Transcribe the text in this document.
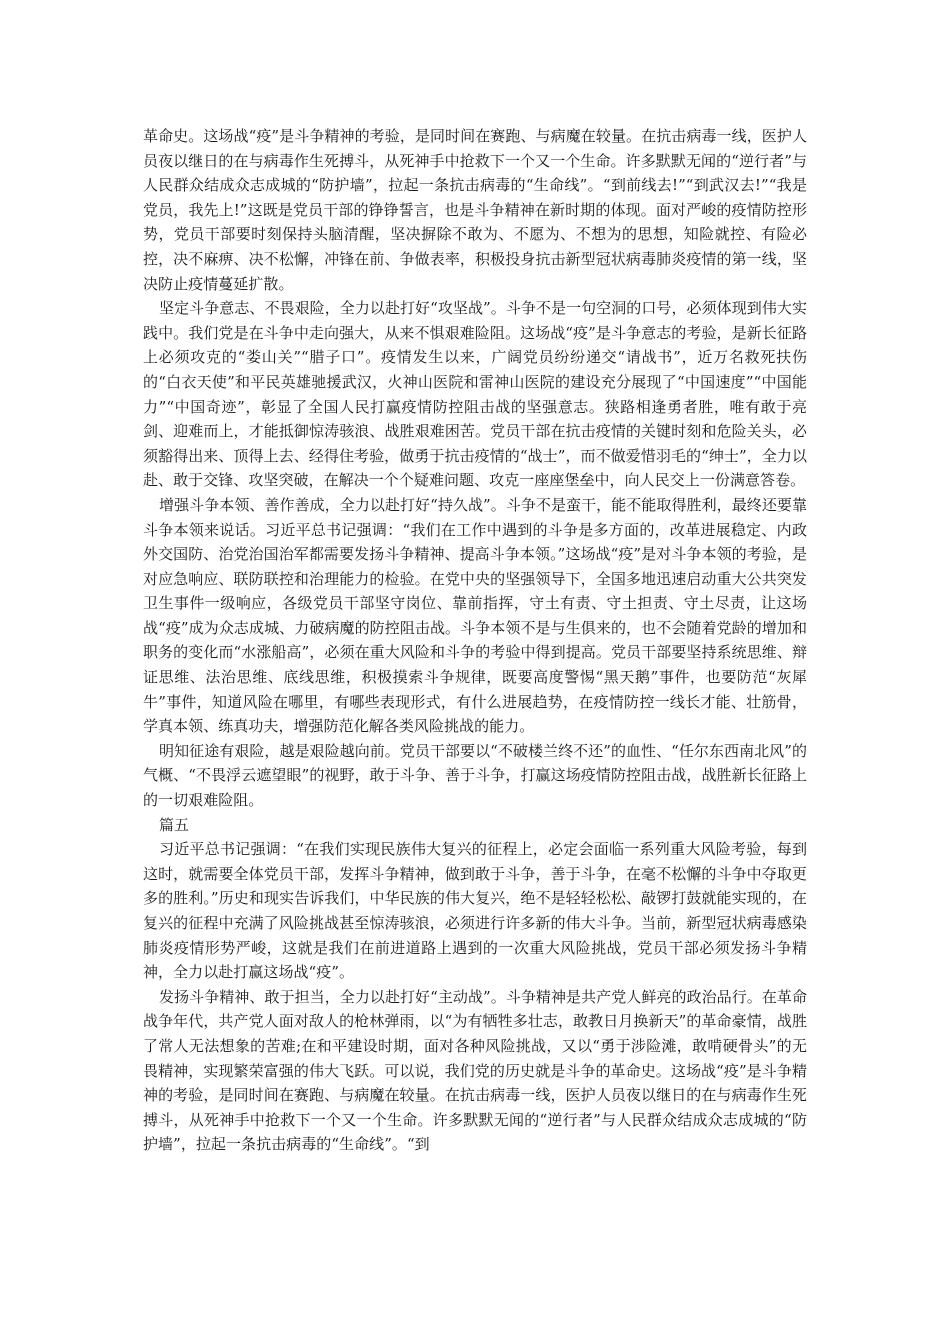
革命史。这场战“疫”是斗争精神的考验，是同时间在赛跑、与病魔在较量。在抗击病毒一线，医护人员夜以继日的在与病毒作生死搏斗，从死神手中抢救下一个又一个生命。许多默默无闻的“逆行者”与人民群众结成众志成城的“防护墙”，拉起一条抗击病毒的“生命线”。“到前线去!”“到武汉去!”“我是党员，我先上!”这既是党员干部的铮铮誓言，也是斗争精神在新时期的体现。面对严峻的疫情防控形势，党员干部要时刻保持头脑清醒，坚决摒除不敢为、不愿为、不想为的思想，知险就控、有险必控，决不麻痹、决不松懈，冲锋在前、争做表率，积极投身抗击新型冠状病毒肺炎疫情的第一线，坚决防止疫情蔓延扩散。

坚定斗争意志、不畏艰险，全力以赴打好“攻坚战”。斗争不是一句空洞的口号，必须体现到伟大实践中。我们党是在斗争中走向强大，从来不惧艰难险阻。这场战“疫”是斗争意志的考验，是新长征路上必须攻克的“娄山关”“腊子口”。疫情发生以来，广阔党员纷纷递交“请战书”，近万名救死扶伤的“白衣天使”和平民英雄驰援武汉，火神山医院和雷神山医院的建设充分展现了“中国速度”“中国能力”“中国奇迹”，彰显了全国人民打赢疫情防控阻击战的坚强意志。狭路相逢勇者胜，唯有敢于亮剑、迎难而上，才能抵御惊涛骇浪、战胜艰难困苦。党员干部在抗击疫情的关键时刻和危险关头，必须豁得出来、顶得上去、经得住考验，做勇于抗击疫情的“战士”，而不做爱惜羽毛的“绅士”，全力以赴、敢于交锋、攻坚突破，在解决一个个疑难问题、攻克一座座堡垒中，向人民交上一份满意答卷。

增强斗争本领、善作善成，全力以赴打好“持久战”。斗争不是蛮干，能不能取得胜利，最终还要靠斗争本领来说话。习近平总书记强调：“我们在工作中遇到的斗争是多方面的，改革进展稳定、内政外交国防、治党治国治军都需要发扬斗争精神、提高斗争本领。”这场战“疫”是对斗争本领的考验，是对应急响应、联防联控和治理能力的检验。在党中央的坚强领导下，全国多地迅速启动重大公共突发卫生事件一级响应，各级党员干部坚守岗位、靠前指挥，守土有责、守土担责、守土尽责，让这场战“疫”成为众志成城、力破病魔的防控阻击战。斗争本领不是与生俱来的，也不会随着党龄的增加和职务的变化而“水涨船高”，必须在重大风险和斗争的考验中得到提高。党员干部要坚持系统思维、辩证思维、法治思维、底线思维，积极摸索斗争规律，既要高度警惕“黑天鹅”事件，也要防范“灰犀牛”事件，知道风险在哪里，有哪些表现形式，有什么进展趋势，在疫情防控一线长才能、壮筋骨，学真本领、练真功夫，增强防范化解各类风险挑战的能力。

明知征途有艰险，越是艰险越向前。党员干部要以“不破楼兰终不还”的血性、“任尔东西南北风”的气概、“不畏浮云遮望眼”的视野，敢于斗争、善于斗争，打赢这场疫情防控阻击战，战胜新长征路上的一切艰难险阻。

篇五

习近平总书记强调：“在我们实现民族伟大复兴的征程上，必定会面临一系列重大风险考验，每到这时，就需要全体党员干部，发挥斗争精神，做到敢于斗争，善于斗争，在毫不松懈的斗争中夺取更多的胜利。”历史和现实告诉我们，中华民族的伟大复兴，绝不是轻轻松松、敲锣打鼓就能实现的，在复兴的征程中充满了风险挑战甚至惊涛骇浪，必须进行许多新的伟大斗争。当前，新型冠状病毒感染肺炎疫情形势严峻，这就是我们在前进道路上遇到的一次重大风险挑战，党员干部必须发扬斗争精神，全力以赴打赢这场战“疫”。

发扬斗争精神、敢于担当，全力以赴打好“主动战”。斗争精神是共产党人鲜亮的政治品行。在革命战争年代，共产党人面对敌人的枪林弹雨，以“为有牺牲多壮志，敢教日月换新天”的革命豪情，战胜了常人无法想象的苦难;在和平建设时期，面对各种风险挑战，又以“勇于涉险滩，敢啃硬骨头”的无畏精神，实现繁荣富强的伟大飞跃。可以说，我们党的历史就是斗争的革命史。这场战“疫”是斗争精神的考验，是同时间在赛跑、与病魔在较量。在抗击病毒一线，医护人员夜以继日的在与病毒作生死搏斗，从死神手中抢救下一个又一个生命。许多默默无闻的“逆行者”与人民群众结成众志成城的“防护墙”，拉起一条抗击病毒的“生命线”。“到
